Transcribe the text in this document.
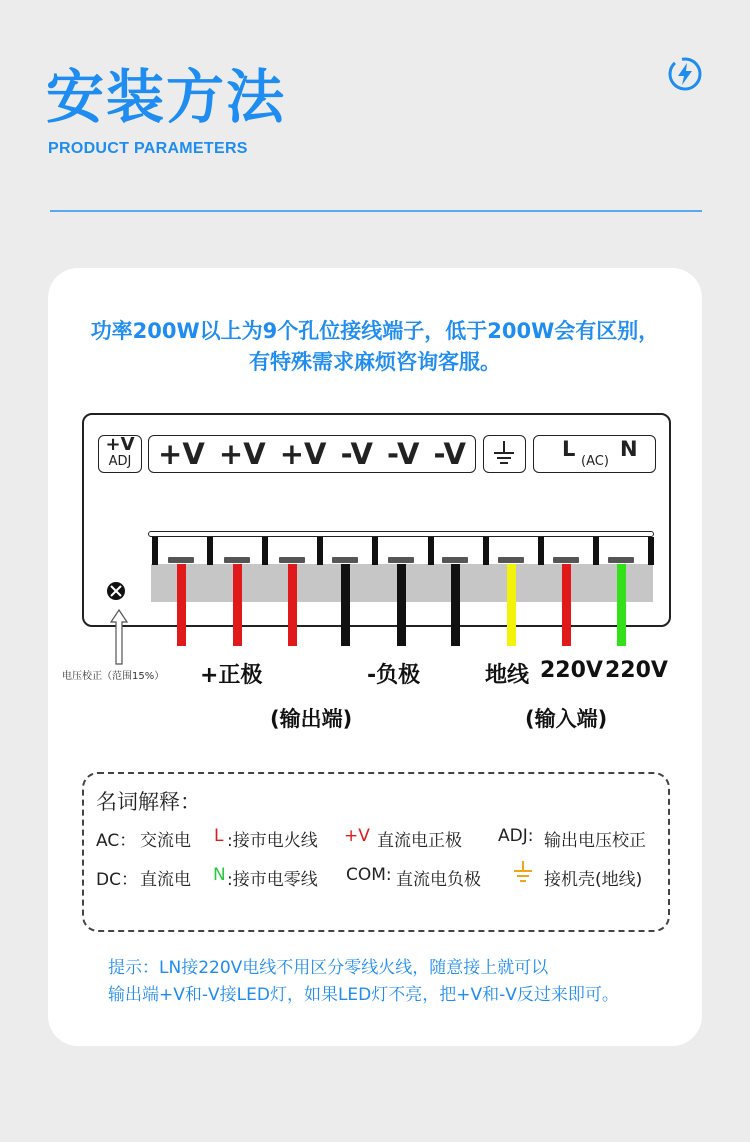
安装方法
PRODUCT PARAMETERS
功率200W以上为9个孔位接线端子，低于200W会有区别，
有特殊需求麻烦咨询客服。
+V
ADJ +V +V +V -V -V -V	L
(AC)
N
电压校正（范围15%） +正极	-负极	地线 220V 220V
(输出端)	(输入端)
名词解释：
AC： 交流电 L :接市电火线 +V 直流电正极 ADJ: 输出电压校正
DC： 直流电 N :接市电零线 COM: 直流电负极	接机壳(地线)
提示：LN接220V电线不用区分零线火线，随意接上就可以
输出端+V和-V接LED灯，如果LED灯不亮，把+V和-V反过来即可。
